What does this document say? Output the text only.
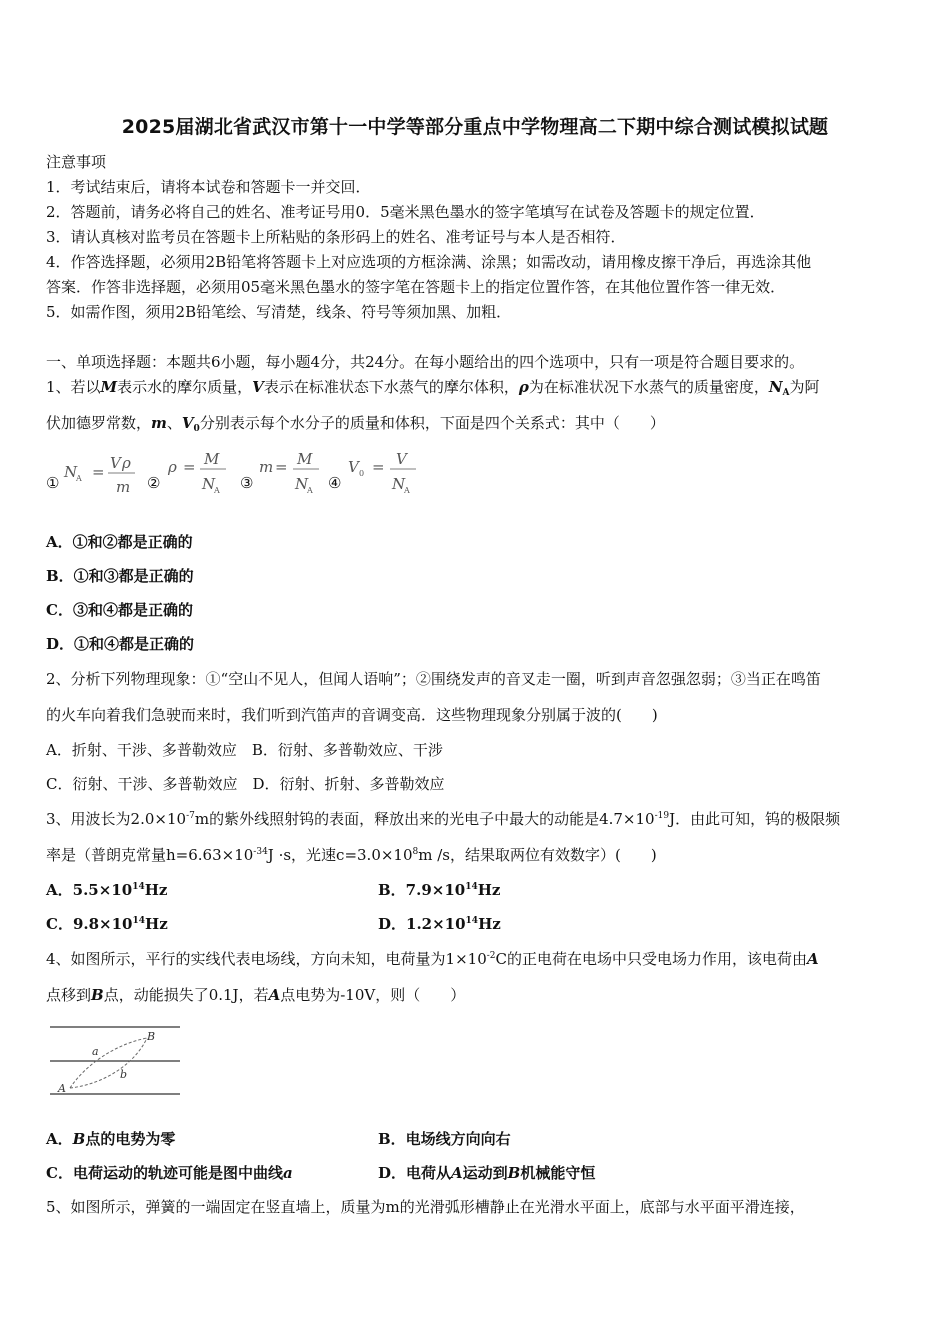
2025届湖北省武汉市第十一中学等部分重点中学物理高二下期中综合测试模拟试题
注意事项
1．考试结束后，请将本试卷和答题卡一并交回．
2．答题前，请务必将自己的姓名、准考证号用0．5毫米黑色墨水的签字笔填写在试卷及答题卡的规定位置．
3．请认真核对监考员在答题卡上所粘贴的条形码上的姓名、准考证号与本人是否相符．
4．作答选择题，必须用2B铅笔将答题卡上对应选项的方框涂满、涂黑；如需改动，请用橡皮擦干净后，再选涂其他
答案．作答非选择题，必须用05毫米黑色墨水的签字笔在答题卡上的指定位置作答，在其他位置作答一律无效．
5．如需作图，须用2B铅笔绘、写清楚，线条、符号等须加黑、加粗．
一、单项选择题：本题共6小题，每小题4分，共24分。在每小题给出的四个选项中，只有一项是符合题目要求的。
1、若以M表示水的摩尔质量，V表示在标准状态下水蒸气的摩尔体积，ρ为在标准状况下水蒸气的质量密度，$N_A$为阿
伏加德罗常数，m、$V_0$分别表示每个水分子的质量和体积，下面是四个关系式：其中（　　）
①	②	③	④
N
A = V ρ
m
ρ = M
N
A
m = M
N
A
V 0 = V
N
A
A．①和②都是正确的
B．①和③都是正确的
C．③和④都是正确的
D．①和④都是正确的
2、分析下列物理现象：①“空山不见人，但闻人语响”；②围绕发声的音叉走一圈，听到声音忽强忽弱；③当正在鸣笛
的火车向着我们急驶而来时，我们听到汽笛声的音调变高．这些物理现象分别属于波的(　　)
A．折射、干涉、多普勒效应　B．衍射、多普勒效应、干涉
C．衍射、干涉、多普勒效应　D．衍射、折射、多普勒效应
3、用波长为$2.0\times 10^{-7}m$的紫外线照射钨的表面，释放出来的光电子中最大的动能是$4.7\times 10^{-19}J$．由此可知，钨的极限频
率是（普朗克常量$h=6.63\times 10^{-34}J \cdot s$，光速$c=3.0\times 10^8m$ /s，结果取两位有效数字）(　　)
A．$5.5\times 10^{14}Hz$	B．$7.9\times 10^{14}Hz$
C．$9.8\times 10^{14}Hz$	D．$1.2\times 10^{14}Hz$
4、如图所示，平行的实线代表电场线，方向未知，电荷量为$1\times 10^{-2}C$的正电荷在电场中只受电场力作用，该电荷由A
点移到B点，动能损失了0.1J，若A点电势为-10V，则（　　）
a
b
A
B
A．B点的电势为零	B．电场线方向向右
C．电荷运动的轨迹可能是图中曲线a	D．电荷从A运动到B机械能守恒
5、如图所示，弹簧的一端固定在竖直墙上，质量为m的光滑弧形槽静止在光滑水平面上，底部与水平面平滑连接，
